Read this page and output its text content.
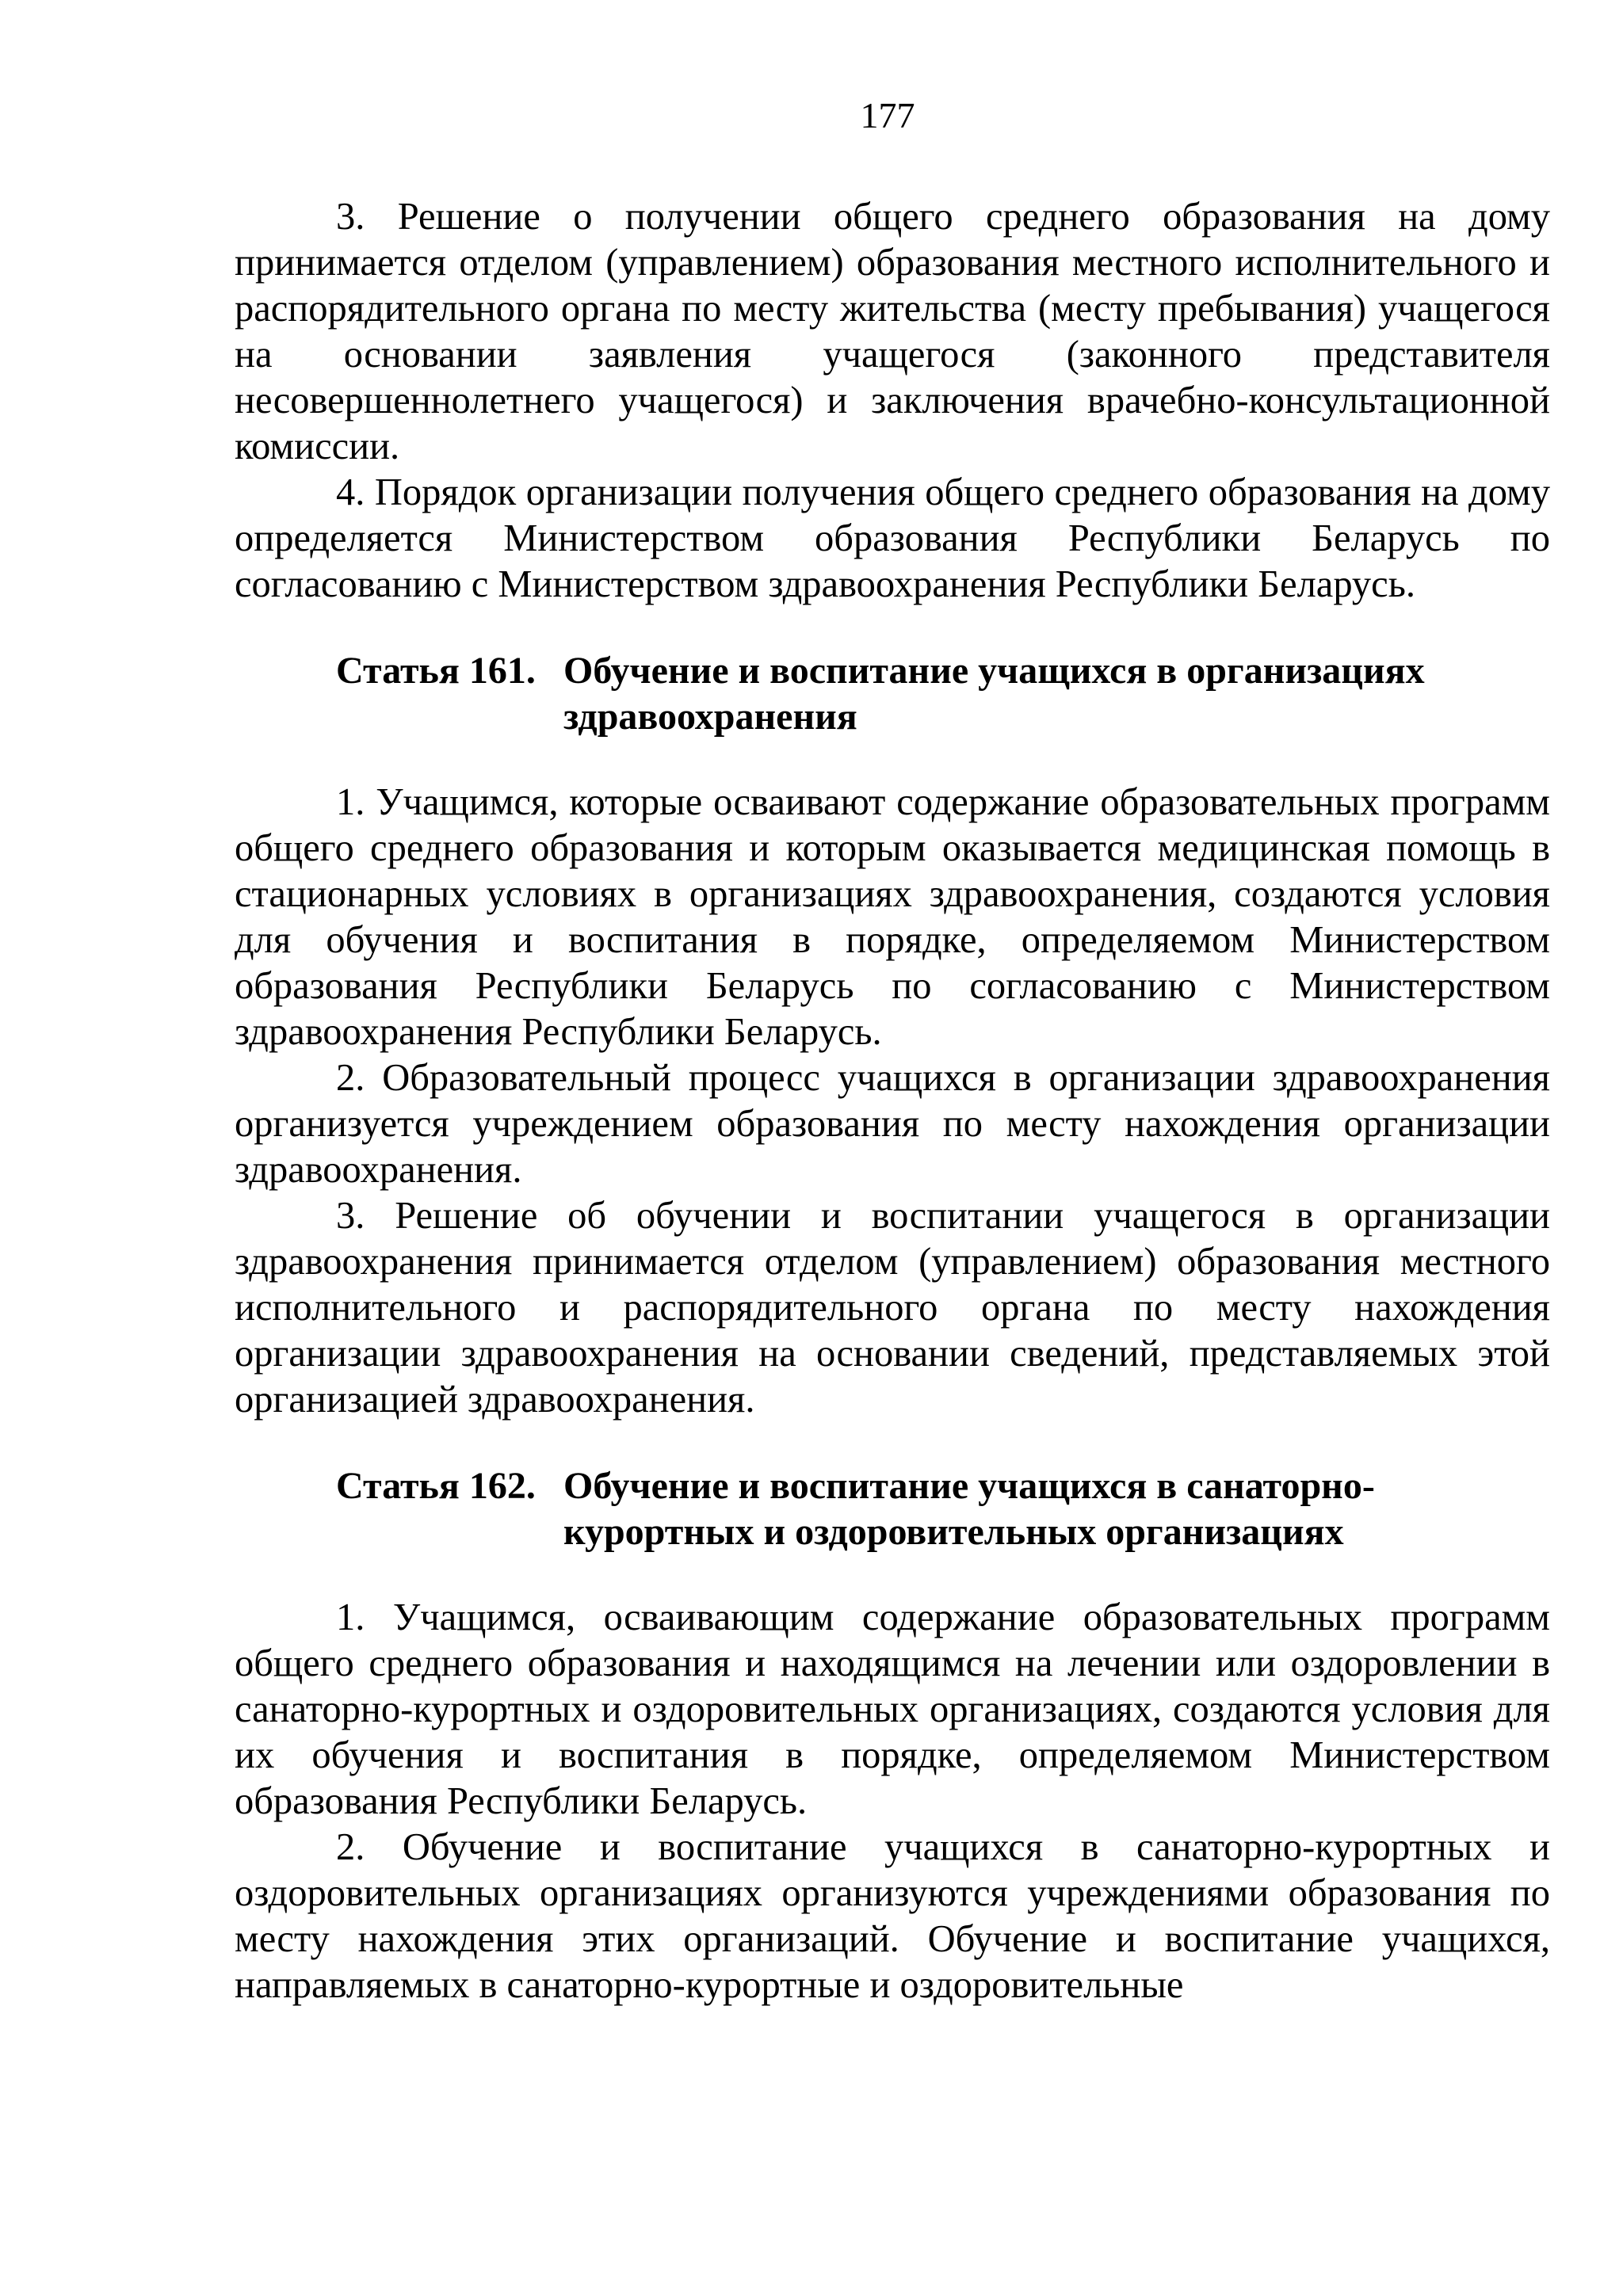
177

3. Решение о получении общего среднего образования на дому принимается отделом (управлением) образования местного исполнительного и распорядительного органа по месту жительства (месту пребывания) учащегося на основании заявления учащегося (законного представителя несовершеннолетнего учащегося) и заключения врачебно-консультационной комиссии.

4. Порядок организации получения общего среднего образования на дому определяется Министерством образования Республики Беларусь по согласованию с Министерством здравоохранения Республики Беларусь.

Статья 161. Обучение и воспитание учащихся в организациях здравоохранения

1. Учащимся, которые осваивают содержание образовательных программ общего среднего образования и которым оказывается медицинская помощь в стационарных условиях в организациях здравоохранения, создаются условия для обучения и воспитания в порядке, определяемом Министерством образования Республики Беларусь по согласованию с Министерством здравоохранения Республики Беларусь.

2. Образовательный процесс учащихся в организации здравоохранения организуется учреждением образования по месту нахождения организации здравоохранения.

3. Решение об обучении и воспитании учащегося в организации здравоохранения принимается отделом (управлением) образования местного исполнительного и распорядительного органа по месту нахождения организации здравоохранения на основании сведений, представляемых этой организацией здравоохранения.

Статья 162. Обучение и воспитание учащихся в санаторно-курортных и оздоровительных организациях

1. Учащимся, осваивающим содержание образовательных программ общего среднего образования и находящимся на лечении или оздоровлении в санаторно-курортных и оздоровительных организациях, создаются условия для их обучения и воспитания в порядке, определяемом Министерством образования Республики Беларусь.

2. Обучение и воспитание учащихся в санаторно-курортных и оздоровительных организациях организуются учреждениями образования по месту нахождения этих организаций. Обучение и воспитание учащихся, направляемых в санаторно-курортные и оздоровительные
